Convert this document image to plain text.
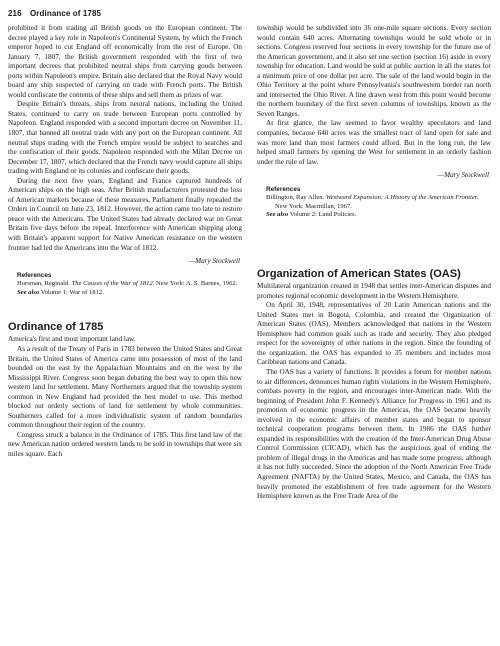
216 Ordinance of 1785

prohibited it from trading all British goods on the European continent. The decree played a key role in Napoleon's Continental System, by which the French emperor hoped to cut England off economically from the rest of Europe. On January 7, 1807, the British government responded with the first of two important decrees that prohibited neutral ships from carrying goods between ports within Napoleon's empire. Britain also declared that the Royal Navy would board any ship suspected of carrying on trade with French ports. The British would confiscate the contents of these ships and sell them as prizes of war.

Despite Britain's threats, ships from neutral nations, including the United States, continued to carry on trade between European ports controlled by Napoleon. England responded with a second important decree on November 11, 1807, that banned all neutral trade with any port on the European continent. All neutral ships trading with the French empire would be subject to searches and the confiscation of their goods. Napoleon responded with the Milan Decree on December 17, 1807, which declared that the French navy would capture all ships trading with England or its colonies and confiscate their goods.

During the next five years, England and France captured hundreds of American ships on the high seas. After British manufacturers protested the loss of American markets because of these measures, Parliament finally repealed the Orders in Council on June 23, 1812. However, the action came too late to restore peace with the Americans. The United States had already declared war on Great Britain five days before the repeal. Interference with American shipping along with Britain's apparent support for Native American resistance on the western frontier had led the Americans into the War of 1812.

—Mary Stockwell
References
Horsman, Reginald. The Causes of the War of 1812. New York: A. S. Barnes, 1962.
See also Volume 1: War of 1812.
Ordinance of 1785

America's first and most important land law.

As a result of the Treaty of Paris in 1783 between the United States and Great Britain, the United States of America came into possession of most of the land bounded on the east by the Appalachian Mountains and on the west by the Mississippi River. Congress soon began debating the best way to open this new western land for settlement. Many Northerners argued that the township system common in New England had provided the best model to use. This method blocked out orderly sections of land for settlement by whole communities. Southerners called for a more individualistic system of random boundaries common throughout their region of the country.

Congress struck a balance in the Ordinance of 1785. This first land law of the new American nation ordered western lands to be sold in townships that were six miles square. Each

township would be subdivided into 36 one-mile square sections. Every section would contain 640 acres. Alternating townships would be sold whole or in sections. Congress reserved four sections in every township for the future use of the American government, and it also set one section (section 16) aside in every township for education. Land would be sold at public auction in all the states for a minimum price of one dollar per acre. The sale of the land would begin in the Ohio Territory at the point where Pennsylvania's southwestern border ran north and intersected the Ohio River. A line drawn west from this point would become the northern boundary of the first seven columns of townships, known as the Seven Ranges.

At first glance, the law seemed to favor wealthy speculators and land companies, because 640 acres was the smallest tract of land open for sale and was more land than most farmers could afford. But in the long run, the law helped small farmers by opening the West for settlement in an orderly fashion under the rule of law.

—Mary Stockwell
References
Billington, Ray Allen. Westward Expansion: A History of the American Frontier. New York: Macmillan, 1967.
See also Volume 2: Land Policies.
Organization of American States (OAS)

Multilateral organization created in 1948 that settles inter-American disputes and promotes regional economic development in the Western Hemisphere.

On April 30, 1948, representatives of 20 Latin American nations and the United States met in Bogotá, Colombia, and created the Organization of American States (OAS). Members acknowledged that nations in the Western Hemisphere had common goals such as trade and security. They also pledged respect for the sovereignty of other nations in the region. Since the founding of the organization, the OAS has expanded to 35 members and includes most Caribbean nations and Canada.

The OAS has a variety of functions. It provides a forum for member nations to air differences, denounces human rights violations in the Western Hemisphere, combats poverty in the region, and encourages inter-American trade. With the beginning of President John F. Kennedy's Alliance for Progress in 1961 and its promotion of economic progress in the Americas, the OAS became heavily involved in the economic affairs of member states and began to sponsor technical cooperation programs between them. In 1986 the OAS further expanded its responsibilities with the creation of the Inter-American Drug Abuse Control Commission (CICAD), which has the auspicious goal of ending the problem of illegal drugs in the Americas and has made some progress, although it has not fully succeeded. Since the adoption of the North American Free Trade Agreement (NAFTA) by the United States, Mexico, and Canada, the OAS has heavily promoted the establishment of free trade agreement for the Western Hemisphere known as the Free Trade Area of the
